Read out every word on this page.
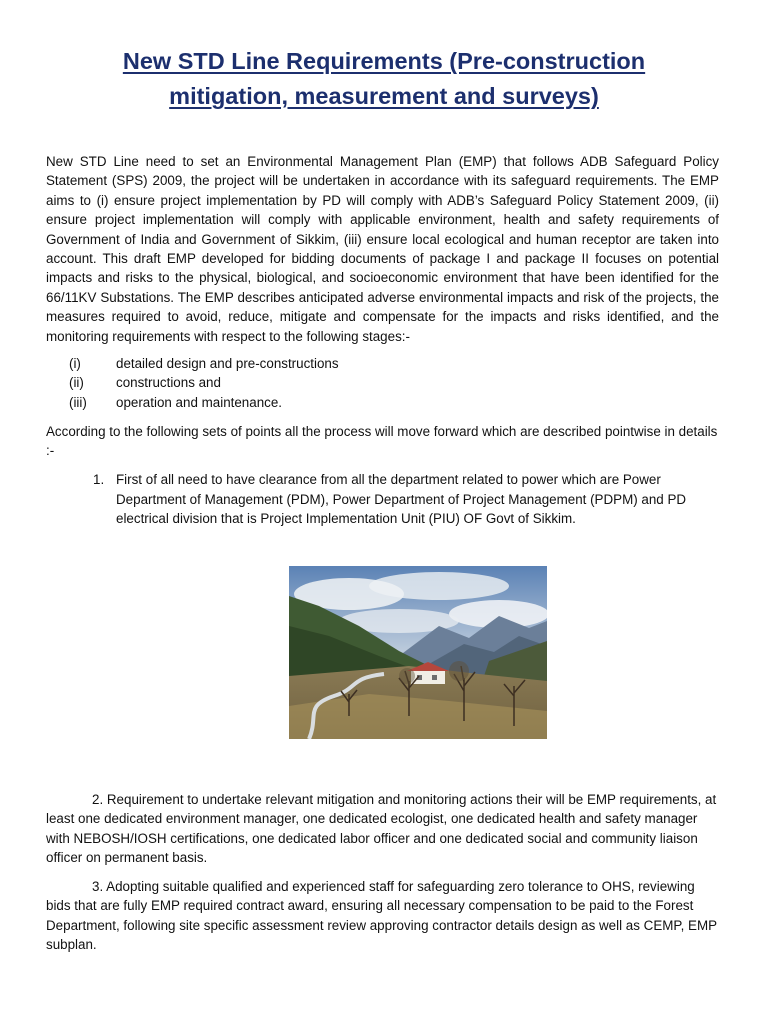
New STD Line Requirements (Pre-construction
mitigation, measurement and surveys)
New STD Line need to set an Environmental Management Plan (EMP) that follows ADB Safeguard Policy Statement (SPS) 2009, the project will be undertaken in accordance with its safeguard requirements. The EMP aims to (i) ensure project implementation by PD will comply with ADB’s Safeguard Policy Statement 2009, (ii) ensure project implementation will comply with applicable environment, health and safety requirements of Government of India and Government of Sikkim, (iii) ensure local ecological and human receptor are taken into account. This draft EMP developed for bidding documents of package I and package II focuses on potential impacts and risks to the physical, biological, and socioeconomic environment that have been identified for the 66/11KV Substations. The EMP describes anticipated adverse environmental impacts and risk of the projects, the measures required to avoid, reduce, mitigate and compensate for the impacts and risks identified, and the monitoring requirements with respect to the following stages:-
(i)	detailed design and pre-constructions
(ii)	constructions and
(iii)	operation and maintenance.
According to the following sets of points all the process will move forward which are described pointwise in details :-
1. First of all need to have clearance from all the department related to power which are Power Department of Management (PDM), Power Department of Project Management (PDPM) and PD electrical division that is Project Implementation Unit (PIU) OF Govt of Sikkim.
2. Requirement to undertake relevant mitigation and monitoring actions their will be EMP requirements, at least one dedicated environment manager, one dedicated ecologist, one dedicated health and safety manager with NEBOSH/IOSH certifications, one dedicated labor officer and one dedicated social and community liaison officer on permanent basis.
3. Adopting suitable qualified and experienced staff for safeguarding zero tolerance to OHS, reviewing bids that are fully EMP required contract award, ensuring all necessary compensation to be paid to the Forest Department, following site specific assessment review approving contractor details design as well as CEMP, EMP subplan.
